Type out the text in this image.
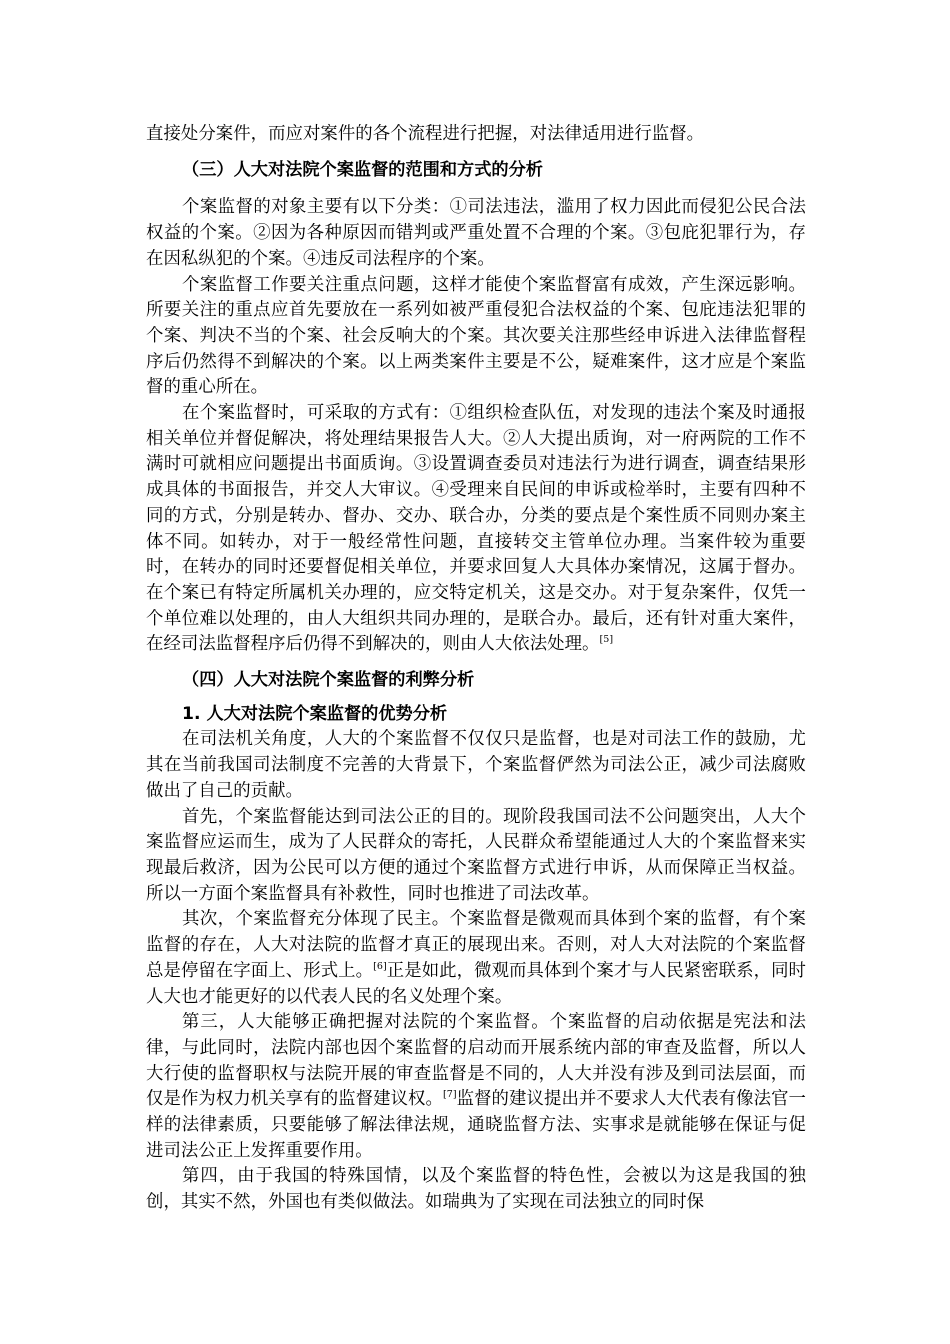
直接处分案件，而应对案件的各个流程进行把握，对法律适用进行监督。

（三）人大对法院个案监督的范围和方式的分析

个案监督的对象主要有以下分类：①司法违法，滥用了权力因此而侵犯公民合法权益的个案。②因为各种原因而错判或严重处置不合理的个案。③包庇犯罪行为，存在因私纵犯的个案。④违反司法程序的个案。

个案监督工作要关注重点问题，这样才能使个案监督富有成效，产生深远影响。所要关注的重点应首先要放在一系列如被严重侵犯合法权益的个案、包庇违法犯罪的个案、判决不当的个案、社会反响大的个案。其次要关注那些经申诉进入法律监督程序后仍然得不到解决的个案。以上两类案件主要是不公，疑难案件，这才应是个案监督的重心所在。

在个案监督时，可采取的方式有：①组织检查队伍，对发现的违法个案及时通报相关单位并督促解决，将处理结果报告人大。②人大提出质询，对一府两院的工作不满时可就相应问题提出书面质询。③设置调查委员对违法行为进行调查，调查结果形成具体的书面报告，并交人大审议。④受理来自民间的申诉或检举时，主要有四种不同的方式，分别是转办、督办、交办、联合办，分类的要点是个案性质不同则办案主体不同。如转办，对于一般经常性问题，直接转交主管单位办理。当案件较为重要时，在转办的同时还要督促相关单位，并要求回复人大具体办案情况，这属于督办。在个案已有特定所属机关办理的，应交特定机关，这是交办。对于复杂案件，仅凭一个单位难以处理的，由人大组织共同办理的，是联合办。最后，还有针对重大案件，在经司法监督程序后仍得不到解决的，则由人大依法处理。[5]

（四）人大对法院个案监督的利弊分析
1. 人大对法院个案监督的优势分析

在司法机关角度，人大的个案监督不仅仅只是监督，也是对司法工作的鼓励，尤其在当前我国司法制度不完善的大背景下，个案监督俨然为司法公正，减少司法腐败做出了自己的贡献。

首先，个案监督能达到司法公正的目的。现阶段我国司法不公问题突出，人大个案监督应运而生，成为了人民群众的寄托，人民群众希望能通过人大的个案监督来实现最后救济，因为公民可以方便的通过个案监督方式进行申诉，从而保障正当权益。所以一方面个案监督具有补救性，同时也推进了司法改革。

其次，个案监督充分体现了民主。个案监督是微观而具体到个案的监督，有个案监督的存在，人大对法院的监督才真正的展现出来。否则，对人大对法院的个案监督总是停留在字面上、形式上。[6]正是如此，微观而具体到个案才与人民紧密联系，同时人大也才能更好的以代表人民的名义处理个案。

第三，人大能够正确把握对法院的个案监督。个案监督的启动依据是宪法和法律，与此同时，法院内部也因个案监督的启动而开展系统内部的审查及监督，所以人大行使的监督职权与法院开展的审查监督是不同的，人大并没有涉及到司法层面，而仅是作为权力机关享有的监督建议权。[7]监督的建议提出并不要求人大代表有像法官一样的法律素质，只要能够了解法律法规，通晓监督方法、实事求是就能够在保证与促进司法公正上发挥重要作用。

第四，由于我国的特殊国情，以及个案监督的特色性，会被以为这是我国的独创，其实不然，外国也有类似做法。如瑞典为了实现在司法独立的同时保
